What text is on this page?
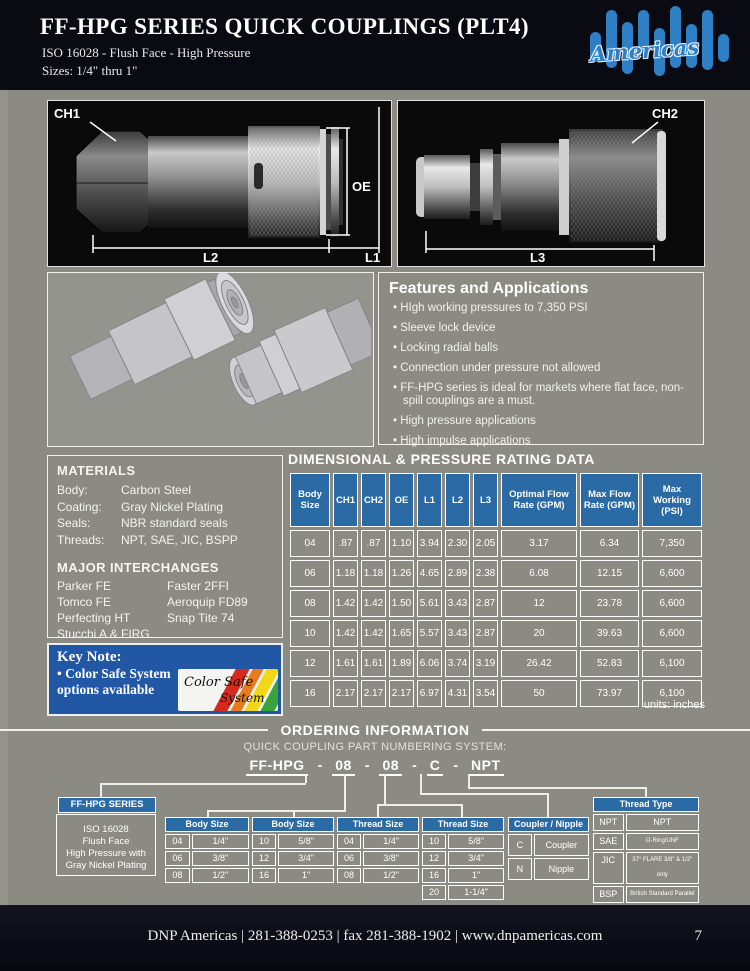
FF-HPG SERIES QUICK COUPLINGS (PLT4)
ISO 16028 - Flush Face - High Pressure
Sizes: 1/4" thru 1"
Americas
CH1
OE
L2	L1
CH2
L3
Features and Applications
• HIgh working pressures to 7,350 PSI
• Sleeve lock device
• Locking radial balls
• Connection under pressure not allowed
• FF-HPG series is ideal for markets where flat face, non-spill couplings are a must.
• High pressure applications
• High impulse applications
MATERIALS
Body:	Carbon Steel
Coating:	Gray Nickel Plating
Seals:	NBR standard seals
Threads:	NPT, SAE, JIC, BSPP
MAJOR INTERCHANGES
Parker FE	Faster 2FFI
Tomco FE	Aeroquip FD89
Perfecting HT	Snap Tite 74
Stucchi A & FIRG
DIMENSIONAL & PRESSURE RATING DATA
Body Size	CH1	CH2	OE	L1	L2	L3	Optimal Flow Rate (GPM)	Max Flow Rate (GPM)	Max Working (PSI)
04	.87	.87	1.10	3.94	2.30	2.05	3.17	6.34	7,350
06	1.18	1.18	1.26	4.65	2.89	2.38	6.08	12.15	6,600
08	1.42	1.42	1.50	5.61	3.43	2.87	12	23.78	6,600
10	1.42	1.42	1.65	5.57	3.43	2.87	20	39.63	6,600
12	1.61	1.61	1.89	6.06	3.74	3.19	26.42	52.83	6,100
16	2.17	2.17	2.17	6.97	4.31	3.54	50	73.97	6,100
units: inches
Key Note:
• Color Safe System options available	Color Safe
System
ORDERING INFORMATION
QUICK COUPLING PART NUMBERING SYSTEM:
FF-HPG - 08 - 08 - C - NPT
FF-HPG SERIES
ISO 16028
Flush Face
High Pressure with
Gray Nickel Plating
Body Size
04	1/4"
06	3/8"
08	1/2"
Body Size
10	5/8"
12	3/4"
16	1"
Thread Size
04	1/4"
06	3/8"
08	1/2"
Thread Size
10	5/8"
12	3/4"
16	1"
20	1-1/4"
Coupler / Nipple
C	Coupler
N	Nipple
Thread Type
NPT	NPT
SAE	O-Ring/UNF
JIC	37° FLARE 3/8" & 1/2" only
BSP	British Standard Parallel
DNP Americas | 281-388-0253 | fax 281-388-1902 | www.dnpamericas.com	7
